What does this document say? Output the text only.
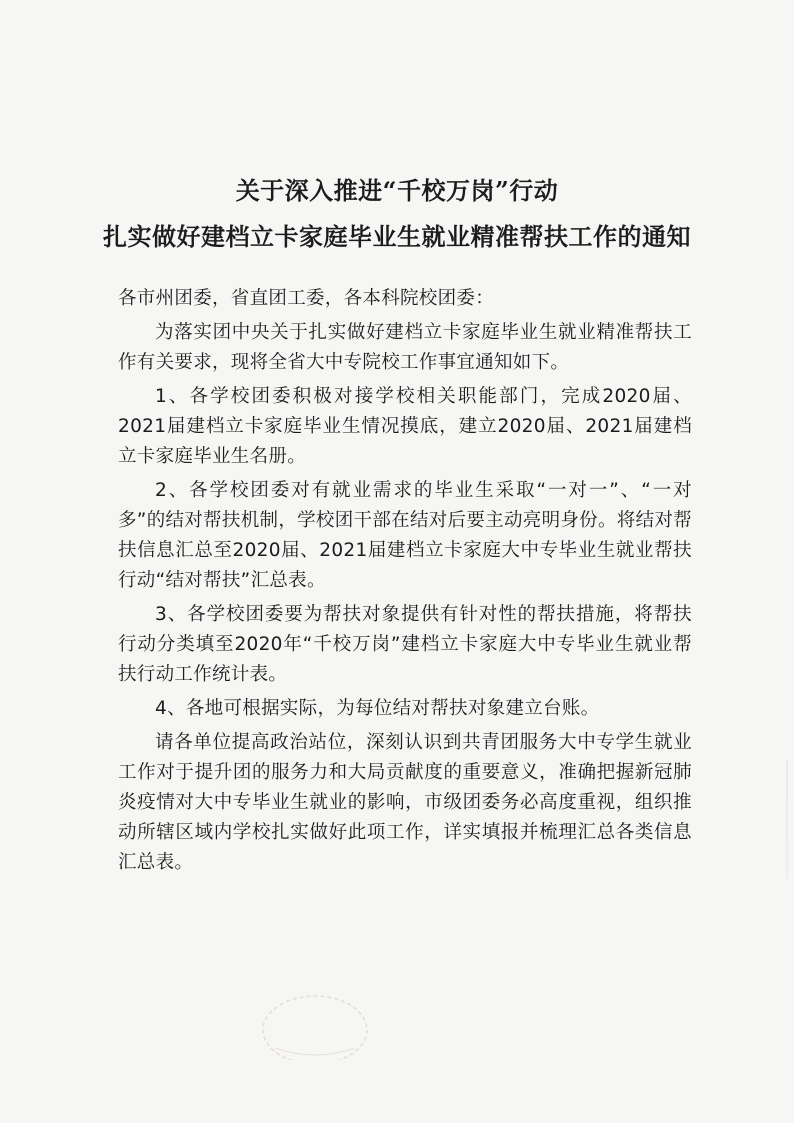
关于深入推进“千校万岗”行动
扎实做好建档立卡家庭毕业生就业精准帮扶工作的通知

各市州团委，省直团工委，各本科院校团委：

为落实团中央关于扎实做好建档立卡家庭毕业生就业精准帮扶工作有关要求，现将全省大中专院校工作事宜通知如下。

1、各学校团委积极对接学校相关职能部门，完成2020届、2021届建档立卡家庭毕业生情况摸底，建立2020届、2021届建档立卡家庭毕业生名册。

2、各学校团委对有就业需求的毕业生采取“一对一”、“一对多”的结对帮扶机制，学校团干部在结对后要主动亮明身份。将结对帮扶信息汇总至2020届、2021届建档立卡家庭大中专毕业生就业帮扶行动“结对帮扶”汇总表。

3、各学校团委要为帮扶对象提供有针对性的帮扶措施，将帮扶行动分类填至2020年“千校万岗”建档立卡家庭大中专毕业生就业帮扶行动工作统计表。

4、各地可根据实际，为每位结对帮扶对象建立台账。

请各单位提高政治站位，深刻认识到共青团服务大中专学生就业工作对于提升团的服务力和大局贡献度的重要意义，准确把握新冠肺炎疫情对大中专毕业生就业的影响，市级团委务必高度重视，组织推动所辖区域内学校扎实做好此项工作，详实填报并梳理汇总各类信息汇总表。
